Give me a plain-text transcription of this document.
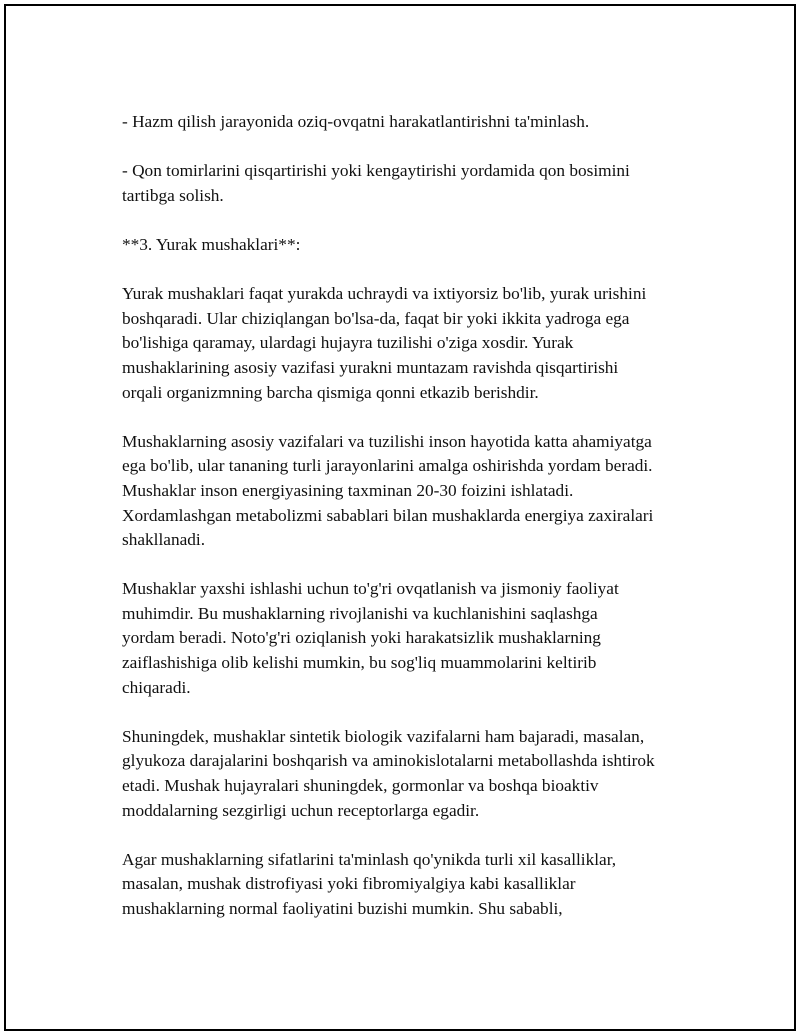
- Hazm qilish jarayonida oziq-ovqatni harakatlantirishni ta'minlash.

- Qon tomirlarini qisqartirishi yoki kengaytirishi yordamida qon bosimini
tartibga solish.

**3. Yurak mushaklari**:

Yurak mushaklari faqat yurakda uchraydi va ixtiyorsiz bo'lib, yurak urishini
boshqaradi. Ular chiziqlangan bo'lsa-da, faqat bir yoki ikkita yadroga ega
bo'lishiga qaramay, ulardagi hujayra tuzilishi o'ziga xosdir. Yurak
mushaklarining asosiy vazifasi yurakni muntazam ravishda qisqartirishi
orqali organizmning barcha qismiga qonni etkazib berishdir.

Mushaklarning asosiy vazifalari va tuzilishi inson hayotida katta ahamiyatga
ega bo'lib, ular tananing turli jarayonlarini amalga oshirishda yordam beradi.
Mushaklar inson energiyasining taxminan 20-30 foizini ishlatadi.
Xordamlashgan metabolizmi sabablari bilan mushaklarda energiya zaxiralari
shakllanadi.

Mushaklar yaxshi ishlashi uchun to'g'ri ovqatlanish va jismoniy faoliyat
muhimdir. Bu mushaklarning rivojlanishi va kuchlanishini saqlashga
yordam beradi. Noto'g'ri oziqlanish yoki harakatsizlik mushaklarning
zaiflashishiga olib kelishi mumkin, bu sog'liq muammolarini keltirib
chiqaradi.

Shuningdek, mushaklar sintetik biologik vazifalarni ham bajaradi, masalan,
glyukoza darajalarini boshqarish va aminokislotalarni metabollashda ishtirok
etadi. Mushak hujayralari shuningdek, gormonlar va boshqa bioaktiv
moddalarning sezgirligi uchun receptorlarga egadir.

Agar mushaklarning sifatlarini ta'minlash qo'ynikda turli xil kasalliklar,
masalan, mushak distrofiyasi yoki fibromiyalgiya kabi kasalliklar
mushaklarning normal faoliyatini buzishi mumkin. Shu sababli,
